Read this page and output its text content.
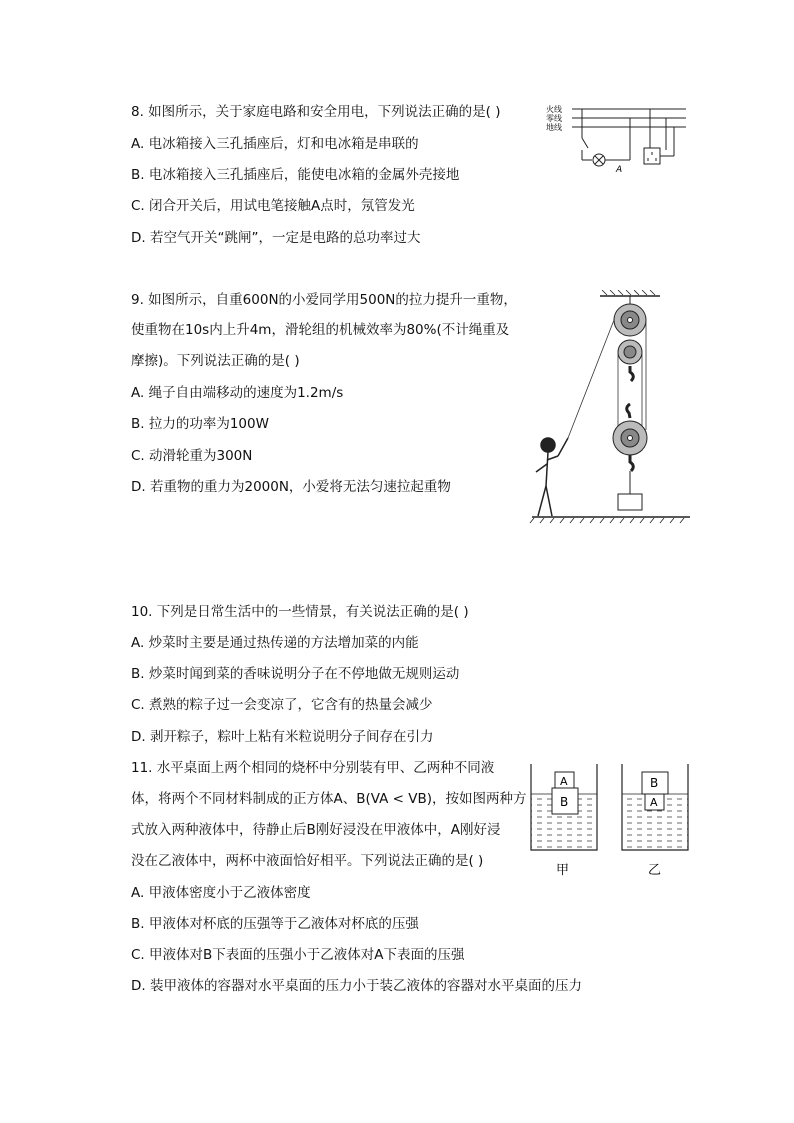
8. 如图所示，关于家庭电路和安全用电，下列说法正确的是( )
A. 电冰箱接入三孔插座后，灯和电冰箱是串联的
B. 电冰箱接入三孔插座后，能使电冰箱的金属外壳接地
C. 闭合开关后，用试电笔接触A点时，氖管发光
D. 若空气开关“跳闸”，一定是电路的总功率过大
火线
零线
地线
A
9. 如图所示，自重600N的小爱同学用500N的拉力提升一重物，
使重物在10s内上升4m，滑轮组的机械效率为80%(不计绳重及
摩擦)。下列说法正确的是( )
A. 绳子自由端移动的速度为1.2m/s
B. 拉力的功率为100W
C. 动滑轮重为300N
D. 若重物的重力为2000N，小爱将无法匀速拉起重物
10. 下列是日常生活中的一些情景，有关说法正确的是( )
A. 炒菜时主要是通过热传递的方法增加菜的内能
B. 炒菜时闻到菜的香味说明分子在不停地做无规则运动
C. 煮熟的粽子过一会变凉了，它含有的热量会减少
D. 剥开粽子，粽叶上粘有米粒说明分子间存在引力
11. 水平桌面上两个相同的烧杯中分别装有甲、乙两种不同液
体，将两个不同材料制成的正方体A、B(VA < VB)，按如图两种方
式放入两种液体中，待静止后B刚好浸没在甲液体中，A刚好浸
没在乙液体中，两杯中液面恰好相平。下列说法正确的是( )
A. 甲液体密度小于乙液体密度
B. 甲液体对杯底的压强等于乙液体对杯底的压强
C. 甲液体对B下表面的压强小于乙液体对A下表面的压强
D. 装甲液体的容器对水平桌面的压力小于装乙液体的容器对水平桌面的压力
B
A
甲
B
A
乙
